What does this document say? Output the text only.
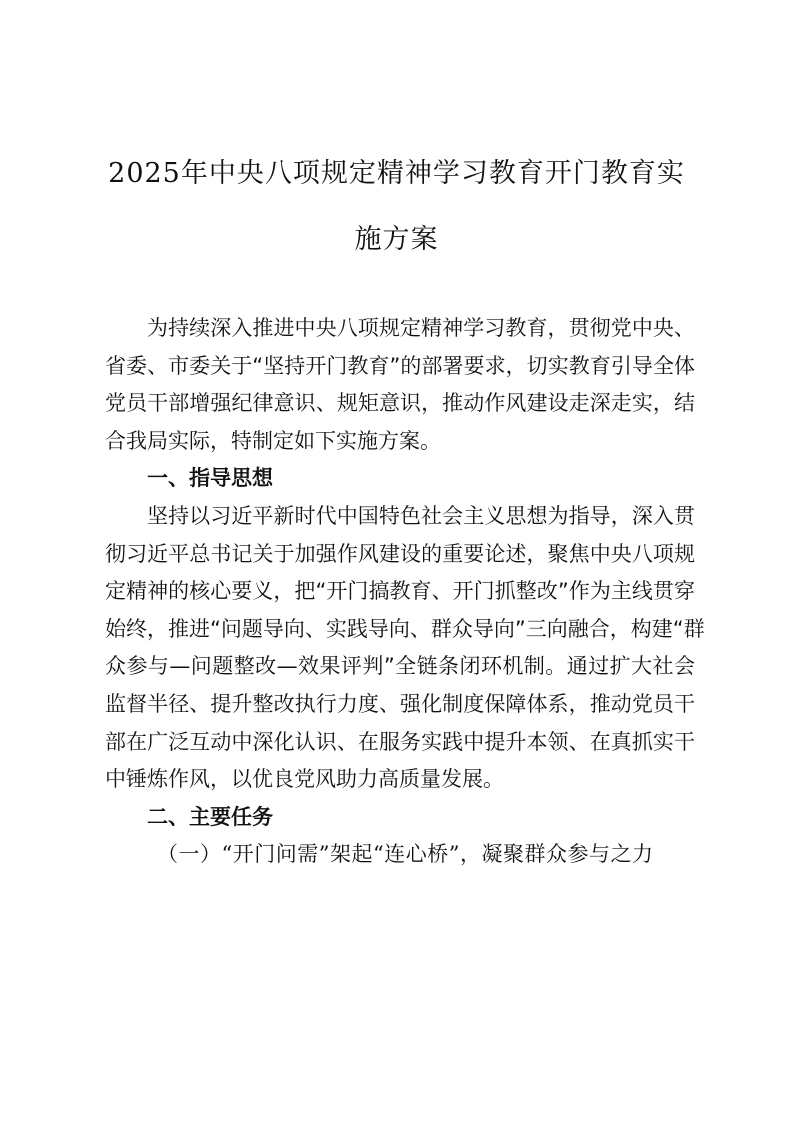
2025年中央八项规定精神学习教育开门教育实
施方案
为持续深入推进中央八项规定精神学习教育，贯彻党中央、
省委、市委关于“坚持开门教育”的部署要求，切实教育引导全体
党员干部增强纪律意识、规矩意识，推动作风建设走深走实，结
合我局实际，特制定如下实施方案。
一、指导思想
坚持以习近平新时代中国特色社会主义思想为指导，深入贯
彻习近平总书记关于加强作风建设的重要论述，聚焦中央八项规
定精神的核心要义，把“开门搞教育、开门抓整改”作为主线贯穿
始终，推进“问题导向、实践导向、群众导向”三向融合，构建“群
众参与—问题整改—效果评判”全链条闭环机制。通过扩大社会
监督半径、提升整改执行力度、强化制度保障体系，推动党员干
部在广泛互动中深化认识、在服务实践中提升本领、在真抓实干
中锤炼作风，以优良党风助力高质量发展。
二、主要任务
（一）“开门问需”架起“连心桥”，凝聚群众参与之力
